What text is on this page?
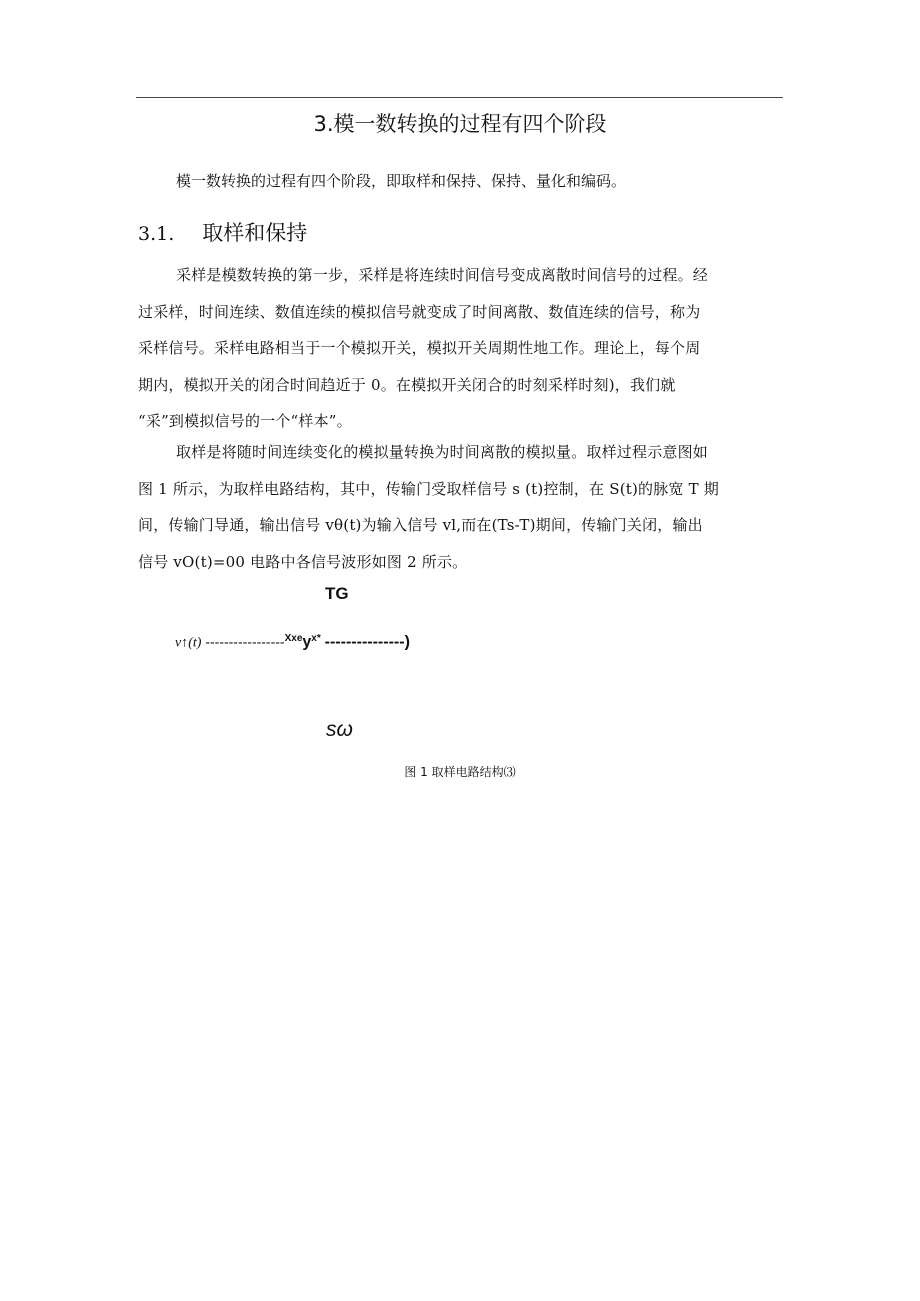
3.模一数转换的过程有四个阶段
模一数转换的过程有四个阶段，即取样和保持、保持、量化和编码。
3.1. 取样和保持
采样是模数转换的第一步，采样是将连续时间信号变成离散时间信号的过程。经
过采样，时间连续、数值连续的模拟信号就变成了时间离散、数值连续的信号，称为
采样信号。采样电路相当于一个模拟开关，模拟开关周期性地工作。理论上，每个周
期内，模拟开关的闭合时间趋近于 0。在模拟开关闭合的时刻采样时刻)，我们就
“采”到模拟信号的一个“样本”。
取样是将随时间连续变化的模拟量转换为时间离散的模拟量。取样过程示意图如
图 1 所示，为取样电路结构，其中，传输门受取样信号 s (t)控制，在 S(t)的脉宽 T 期
间，传输门导通，输出信号 vθ(t)为输入信号 vl,而在(Ts-T)期间，传输门关闭，输出
信号 vO(t)=00 电路中各信号波形如图 2 所示。
TG
v↑(t) $-----------------^{Xxe}y^{x*}$ ---------------)
sω
图 1 取样电路结构⑶
